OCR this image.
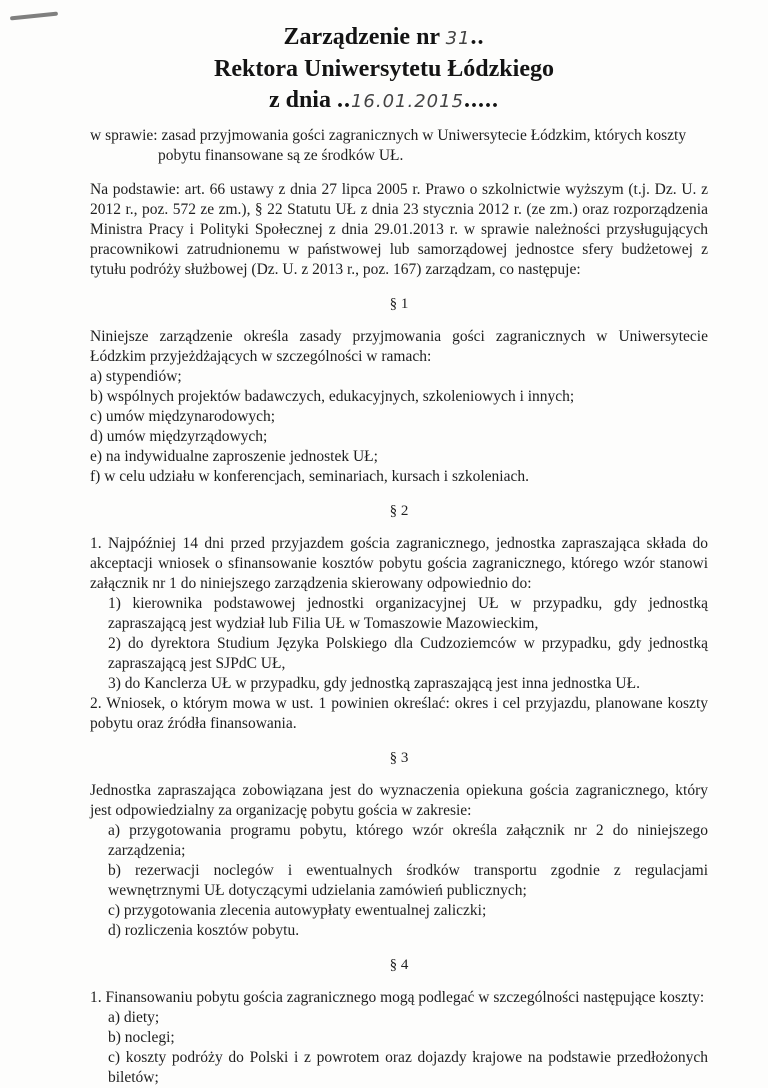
Zarządzenie nr 31..
Rektora Uniwersytetu Łódzkiego
z dnia ..16.01.2015.....

w sprawie: zasad przyjmowania gości zagranicznych w Uniwersytecie Łódzkim, których koszty
pobytu finansowane są ze środków UŁ.

Na podstawie: art. 66 ustawy z dnia 27 lipca 2005 r. Prawo o szkolnictwie wyższym (t.j. Dz. U. z 2012 r., poz. 572 ze zm.), § 22 Statutu UŁ z dnia 23 stycznia 2012 r. (ze zm.) oraz rozporządzenia Ministra Pracy i Polityki Społecznej z dnia 29.01.2013 r. w sprawie należności przysługujących pracownikowi zatrudnionemu w państwowej lub samorządowej jednostce sfery budżetowej z tytułu podróży służbowej (Dz. U. z 2013 r., poz. 167) zarządzam, co następuje:

§ 1

Niniejsze zarządzenie określa zasady przyjmowania gości zagranicznych w Uniwersytecie Łódzkim przyjeżdżających w szczególności w ramach:

a) stypendiów;
b) wspólnych projektów badawczych, edukacyjnych, szkoleniowych i innych;
c) umów międzynarodowych;
d) umów międzyrządowych;
e) na indywidualne zaproszenie jednostek UŁ;
f) w celu udziału w konferencjach, seminariach, kursach i szkoleniach.
§ 2

1. Najpóźniej 14 dni przed przyjazdem gościa zagranicznego, jednostka zapraszająca składa do akceptacji wniosek o sfinansowanie kosztów pobytu gościa zagranicznego, którego wzór stanowi załącznik nr 1 do niniejszego zarządzenia skierowany odpowiednio do:

1) kierownika podstawowej jednostki organizacyjnej UŁ w przypadku, gdy jednostką zapraszającą jest wydział lub Filia UŁ w Tomaszowie Mazowieckim,
2) do dyrektora Studium Języka Polskiego dla Cudzoziemców w przypadku, gdy jednostką zapraszającą jest SJPdC UŁ,
3) do Kanclerza UŁ w przypadku, gdy jednostką zapraszającą jest inna jednostka UŁ.

2. Wniosek, o którym mowa w ust. 1 powinien określać: okres i cel przyjazdu, planowane koszty pobytu oraz źródła finansowania.

§ 3

Jednostka zapraszająca zobowiązana jest do wyznaczenia opiekuna gościa zagranicznego, który jest odpowiedzialny za organizację pobytu gościa w zakresie:

a) przygotowania programu pobytu, którego wzór określa załącznik nr 2 do niniejszego zarządzenia;
b) rezerwacji noclegów i ewentualnych środków transportu zgodnie z regulacjami wewnętrznymi UŁ dotyczącymi udzielania zamówień publicznych;
c) przygotowania zlecenia autowypłaty ewentualnej zaliczki;
d) rozliczenia kosztów pobytu.
§ 4

1. Finansowaniu pobytu gościa zagranicznego mogą podlegać w szczególności następujące koszty:

a) diety;
b) noclegi;
c) koszty podróży do Polski i z powrotem oraz dojazdy krajowe na podstawie przedłożonych biletów;
